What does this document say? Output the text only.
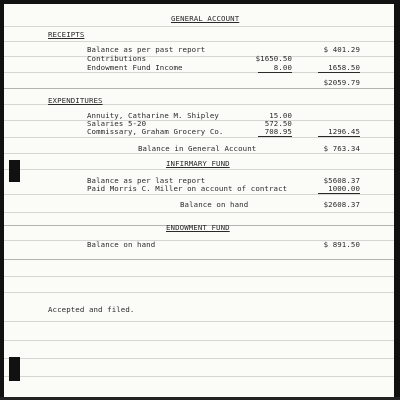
GENERAL ACCOUNT
RECEIPTS
Balance as per past report	$ 401.29
Contributions	$1650.50
Endowment Fund Income	8.00	1658.50
$2059.79
EXPENDITURES
Annuity, Catharine M. Shipley	15.00
Salaries 5-20	572.50
Commissary, Graham Grocery Co.	708.95	1296.45
Balance in General Account	$ 763.34
INFIRMARY FUND
Balance as per last report	$5608.37
Paid Morris C. Miller on account of contract	1000.00
Balance on hand	$2608.37
ENDOWMENT FUND
Balance on hand	$ 891.50
Accepted and filed.
